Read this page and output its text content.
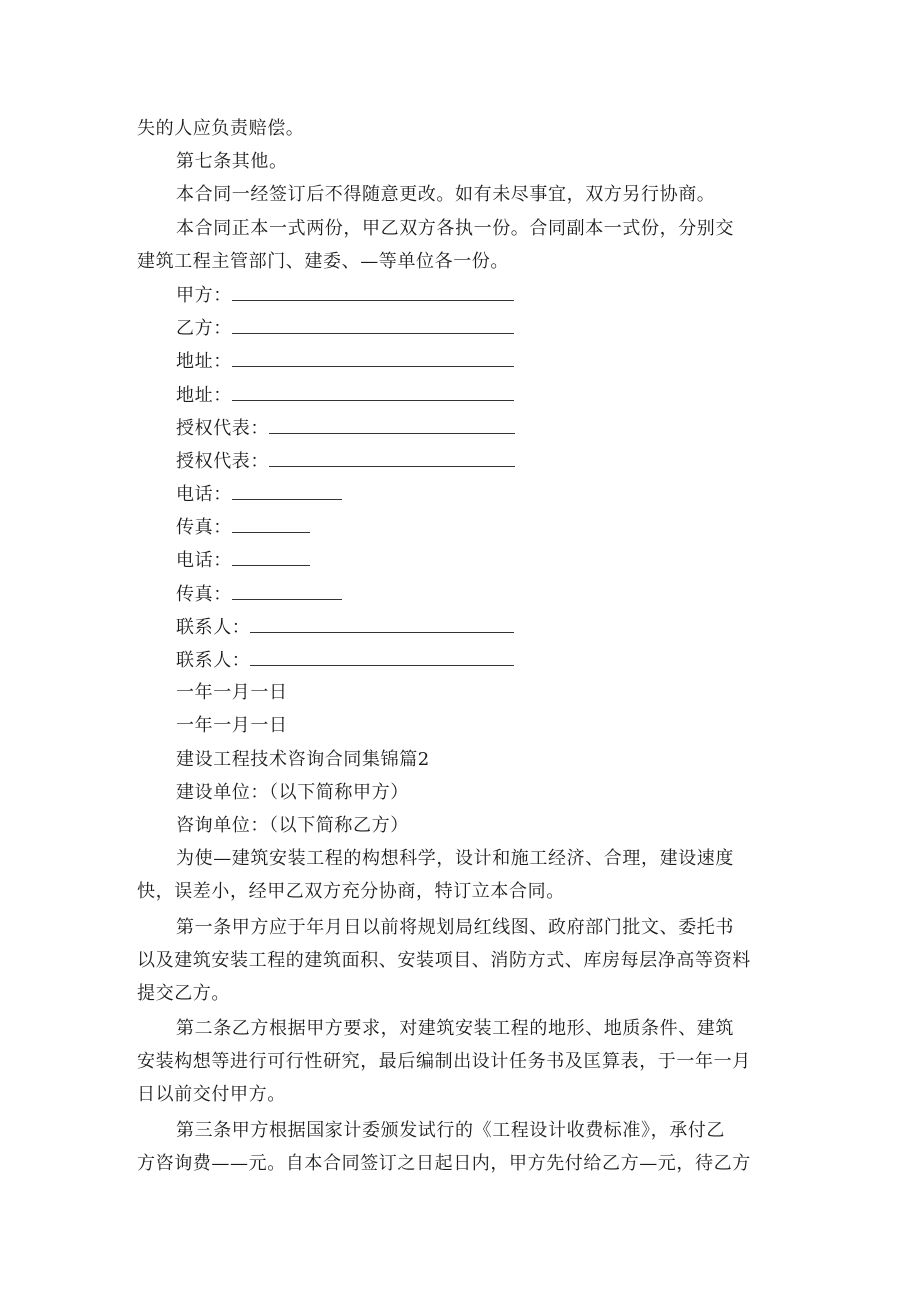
失的人应负责赔偿。
第七条其他。
本合同一经签订后不得随意更改。如有未尽事宜，双方另行协商。
本合同正本一式两份，甲乙双方各执一份。合同副本一式份，分别交
建筑工程主管部门、建委、—等单位各一份。
甲方：
乙方：
地址：
地址：
授权代表：
授权代表：
电话：
传真：
电话：
传真：
联系人：
联系人：
一年一月一日
一年一月一日
建设工程技术咨询合同集锦篇2
建设单位：（以下简称甲方）
咨询单位：（以下简称乙方）
为使—建筑安装工程的构想科学，设计和施工经济、合理，建设速度
快，误差小，经甲乙双方充分协商，特订立本合同。
第一条甲方应于年月日以前将规划局红线图、政府部门批文、委托书
以及建筑安装工程的建筑面积、安装项目、消防方式、库房每层净高等资料
提交乙方。
第二条乙方根据甲方要求，对建筑安装工程的地形、地质条件、建筑
安装构想等进行可行性研究，最后编制出设计任务书及匡算表，于一年一月
日以前交付甲方。
第三条甲方根据国家计委颁发试行的《工程设计收费标准》，承付乙
方咨询费——元。自本合同签订之日起日内，甲方先付给乙方—元，待乙方
